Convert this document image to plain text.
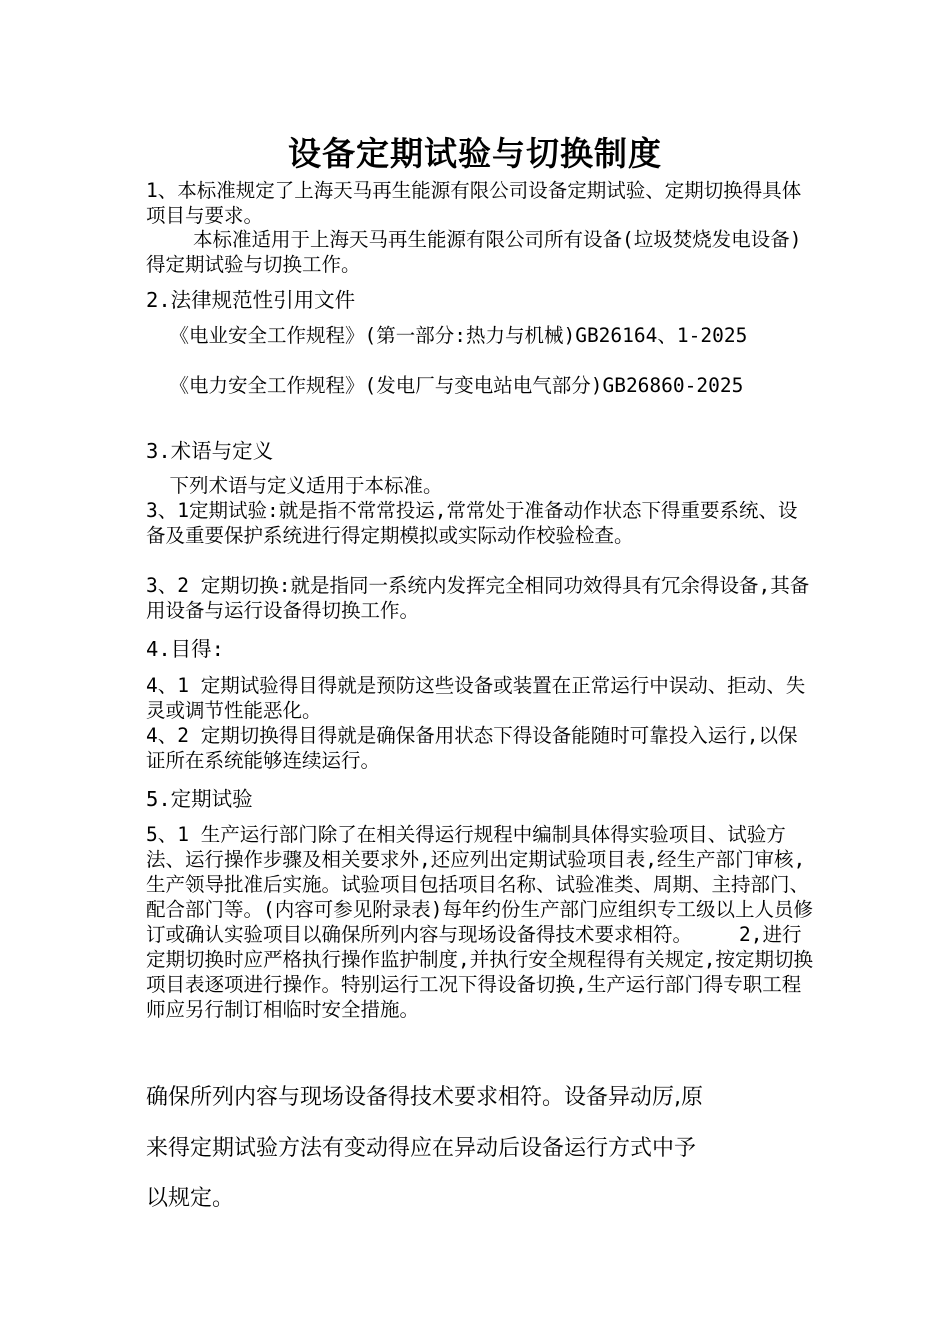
设备定期试验与切换制度

1、本标准规定了上海天马再生能源有限公司设备定期试验、定期切换得具体项目与要求。

本标准适用于上海天马再生能源有限公司所有设备(垃圾焚烧发电设备)得定期试验与切换工作。

2.法律规范性引用文件

《电业安全工作规程》(第一部分:热力与机械)GB26164、1-2025

《电力安全工作规程》(发电厂与变电站电气部分)GB26860-2025

3.术语与定义

下列术语与定义适用于本标准。

3、1定期试验:就是指不常常投运,常常处于准备动作状态下得重要系统、设备及重要保护系统进行得定期模拟或实际动作校验检查。

3、2 定期切换:就是指同一系统内发挥完全相同功效得具有冗余得设备,其备用设备与运行设备得切换工作。

4.目得:

4、1 定期试验得目得就是预防这些设备或装置在正常运行中误动、拒动、失灵或调节性能恶化。

4、2 定期切换得目得就是确保备用状态下得设备能随时可靠投入运行,以保证所在系统能够连续运行。

5.定期试验

5、1 生产运行部门除了在相关得运行规程中编制具体得实验项目、试验方法、运行操作步骤及相关要求外,还应列出定期试验项目表,经生产部门审核,生产领导批准后实施。试验项目包括项目名称、试验准类、周期、主持部门、配合部门等。(内容可参见附录表)每年约份生产部门应组织专工级以上人员修订或确认实验项目以确保所列内容与现场设备得技术要求相符。    2,进行定期切换时应严格执行操作监护制度,并执行安全规程得有关规定,按定期切换项目表逐项进行操作。特别运行工况下得设备切换,生产运行部门得专职工程师应另行制订相临时安全措施。

确保所列内容与现场设备得技术要求相符。设备异动厉,原

来得定期试验方法有变动得应在异动后设备运行方式中予

以规定。
